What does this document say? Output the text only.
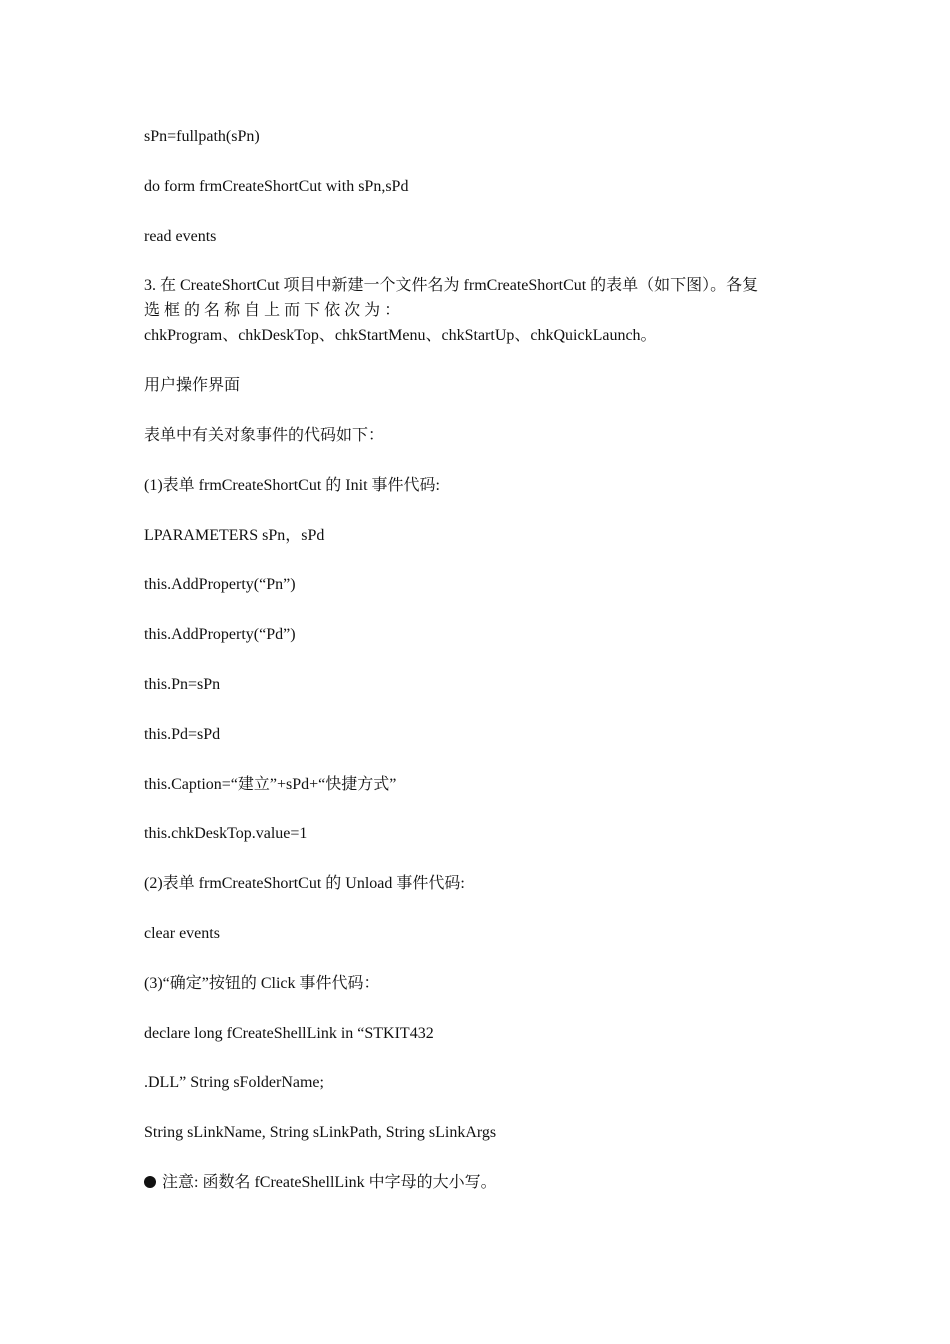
sPn=fullpath(sPn)

do form frmCreateShortCut with sPn,sPd

read events

3. 在 CreateShortCut 项目中新建一个文件名为 frmCreateShortCut 的表单（如下图）。各复
选 框 的 名 称 自 上 而 下 依 次 为 ：
chkProgram、chkDeskTop、chkStartMenu、chkStartUp、chkQuickLaunch。

用户操作界面

表单中有关对象事件的代码如下：

(1)表单 frmCreateShortCut 的 Init 事件代码:

LPARAMETERS sPn，sPd

this.AddProperty(“Pn”)

this.AddProperty(“Pd”)

this.Pn=sPn

this.Pd=sPd

this.Caption=“建立”+sPd+“快捷方式”

this.chkDeskTop.value=1

(2)表单 frmCreateShortCut 的 Unload 事件代码:

clear events

(3)“确定”按钮的 Click 事件代码：

declare long fCreateShellLink in “STKIT432

.DLL” String sFolderName;

String sLinkName, String sLinkPath, String sLinkArgs

注意: 函数名 fCreateShellLink 中字母的大小写。
